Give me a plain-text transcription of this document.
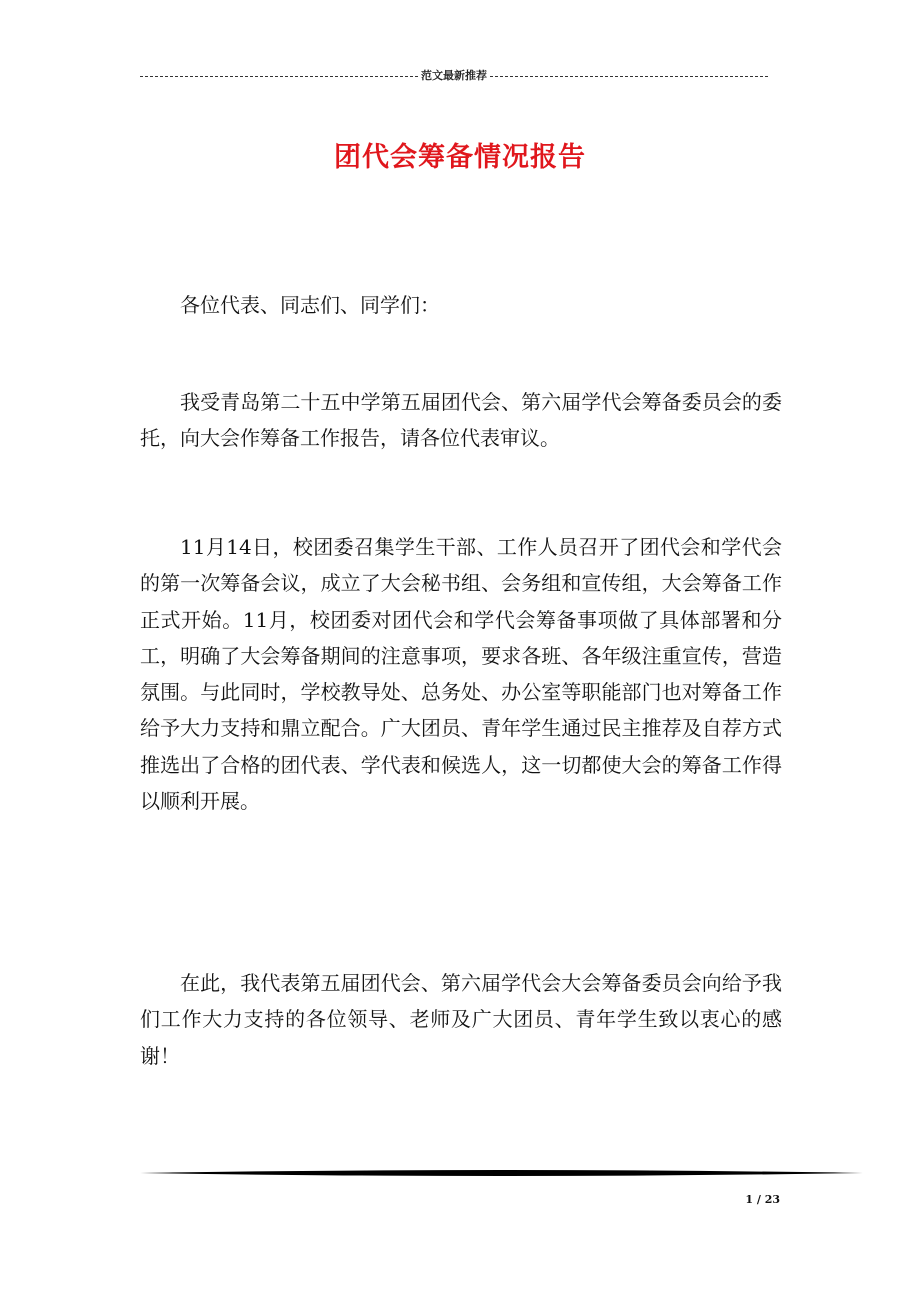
范文最新推荐
团代会筹备情况报告

各位代表、同志们、同学们：

我受青岛第二十五中学第五届团代会、第六届学代会筹备委员会的委托，向大会作筹备工作报告，请各位代表审议。

11月14日，校团委召集学生干部、工作人员召开了团代会和学代会的第一次筹备会议，成立了大会秘书组、会务组和宣传组，大会筹备工作正式开始。11月，校团委对团代会和学代会筹备事项做了具体部署和分工，明确了大会筹备期间的注意事项，要求各班、各年级注重宣传，营造氛围。与此同时，学校教导处、总务处、办公室等职能部门也对筹备工作给予大力支持和鼎立配合。广大团员、青年学生通过民主推荐及自荐方式推选出了合格的团代表、学代表和候选人，这一切都使大会的筹备工作得以顺利开展。

在此，我代表第五届团代会、第六届学代会大会筹备委员会向给予我们工作大力支持的各位领导、老师及广大团员、青年学生致以衷心的感谢！

1 / 23
